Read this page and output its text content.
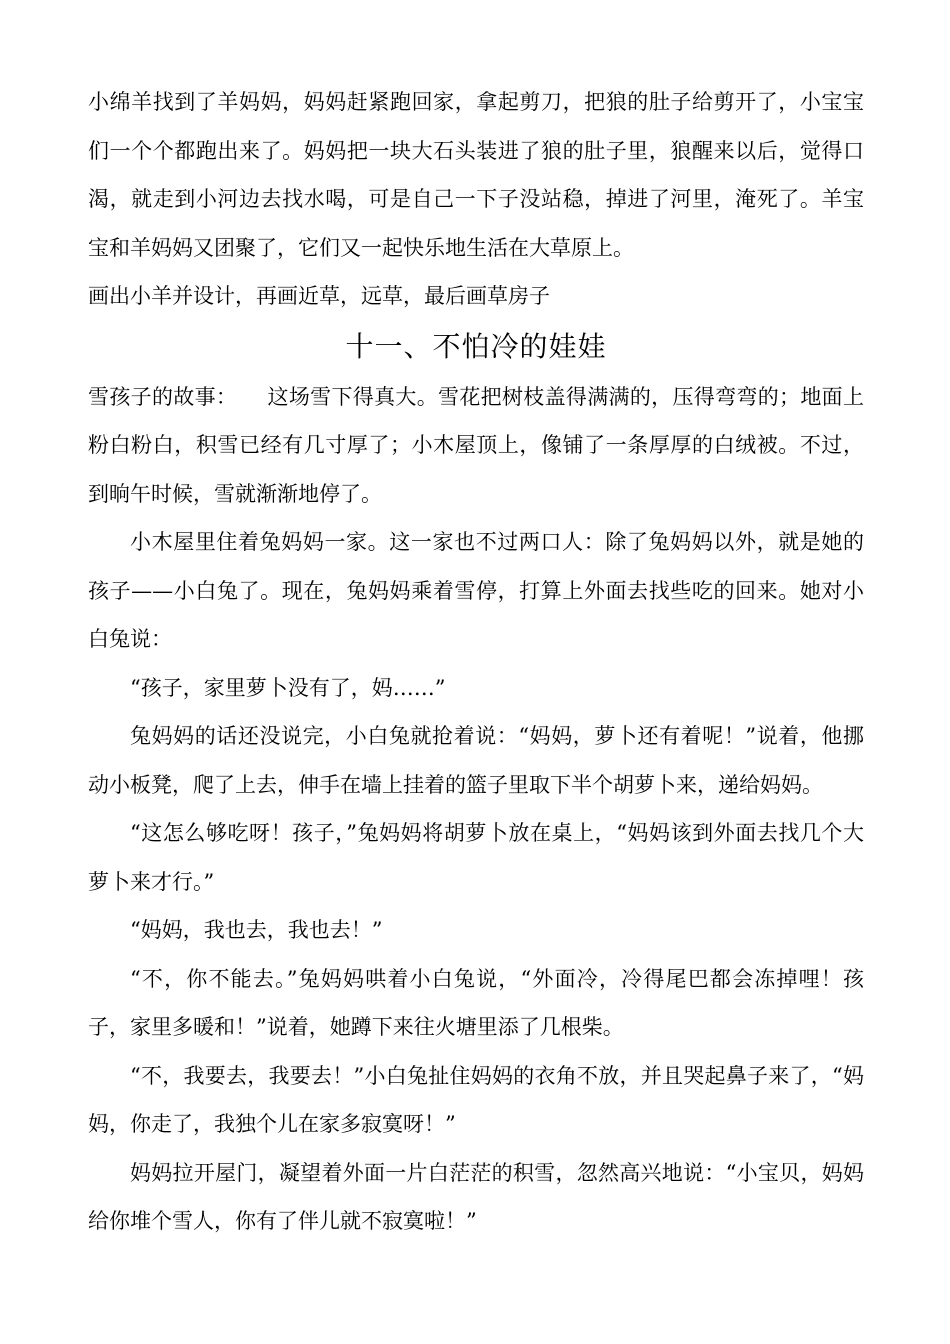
小绵羊找到了羊妈妈，妈妈赶紧跑回家，拿起剪刀，把狼的肚子给剪开了，小宝宝们一个个都跑出来了。妈妈把一块大石头装进了狼的肚子里，狼醒来以后，觉得口渴，就走到小河边去找水喝，可是自己一下子没站稳，掉进了河里，淹死了。羊宝宝和羊妈妈又团聚了，它们又一起快乐地生活在大草原上。

画出小羊并设计，再画近草，远草，最后画草房子

十一、不怕冷的娃娃

雪孩子的故事： 这场雪下得真大。雪花把树枝盖得满满的，压得弯弯的；地面上粉白粉白，积雪已经有几寸厚了；小木屋顶上，像铺了一条厚厚的白绒被。不过，到晌午时候，雪就渐渐地停了。

小木屋里住着兔妈妈一家。这一家也不过两口人：除了兔妈妈以外，就是她的孩子——小白兔了。现在，兔妈妈乘着雪停，打算上外面去找些吃的回来。她对小白兔说：

“孩子，家里萝卜没有了，妈……”

兔妈妈的话还没说完，小白兔就抢着说：“妈妈，萝卜还有着呢！”说着，他挪动小板凳，爬了上去，伸手在墙上挂着的篮子里取下半个胡萝卜来，递给妈妈。

“这怎么够吃呀！孩子，”兔妈妈将胡萝卜放在桌上，“妈妈该到外面去找几个大萝卜来才行。”

“妈妈，我也去，我也去！”

“不，你不能去。”兔妈妈哄着小白兔说，“外面冷，冷得尾巴都会冻掉哩！孩子，家里多暖和！”说着，她蹲下来往火塘里添了几根柴。

“不，我要去，我要去！”小白兔扯住妈妈的衣角不放，并且哭起鼻子来了，“妈妈，你走了，我独个儿在家多寂寞呀！”

妈妈拉开屋门，凝望着外面一片白茫茫的积雪，忽然高兴地说：“小宝贝，妈妈给你堆个雪人，你有了伴儿就不寂寞啦！”
